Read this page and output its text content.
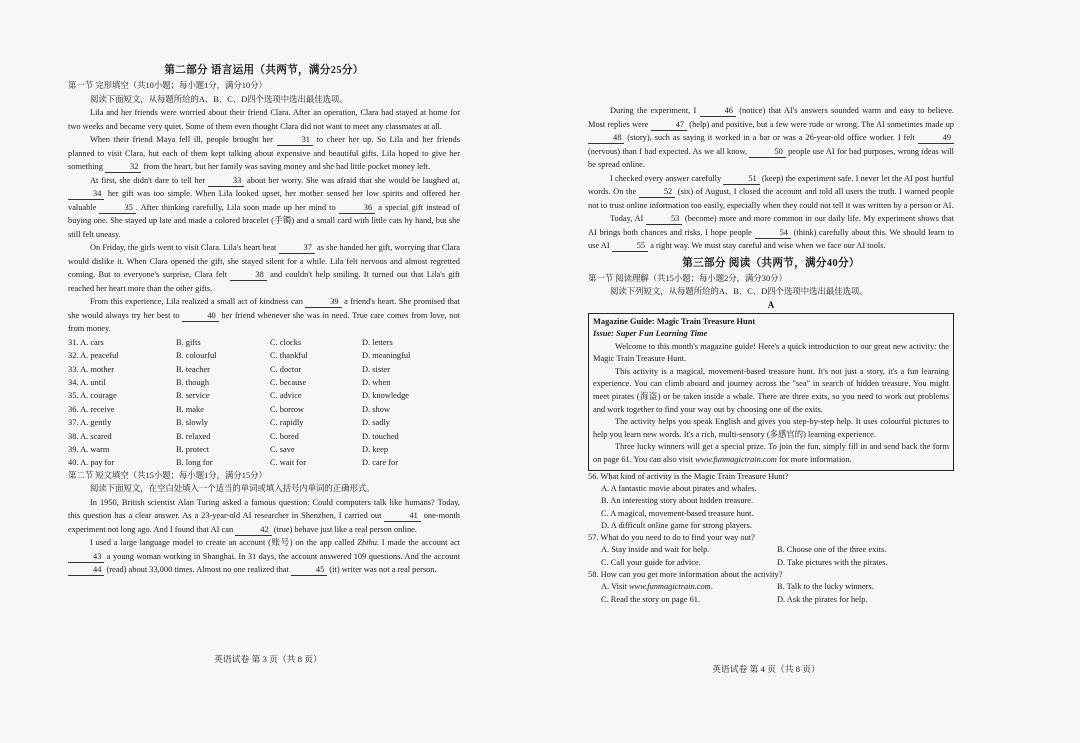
第二部分 语言运用（共两节，满分25分）
第一节 完形填空（共10小题；每小题1分，满分10分）

阅读下面短文，从每题所给的A、B、C、D四个选项中选出最佳选项。

Lila and her friends were worried about their friend Clara. After an operation, Clara had stayed at home for two weeks and became very quiet. Some of them even thought Clara did not want to meet any classmates at all.

When their friend Maya fell ill, people brought her	31 to cheer her up. So Lila and her friends planned to visit Clara, but each of them kept talking about expensive and beautiful gifts. Lila hoped to give her something	32 from the heart, but her family was saving money and she had little pocket money left.

At first, she didn't dare to tell her	33 about her worry. She was afraid that she would be laughed at, 34 her gift was too simple. When Lila looked upset, her mother sensed her low spirits and offered her valuable	35 . After thinking carefully, Lila soon made up her mind to	36 a special gift instead of buying one. She stayed up late and made a colored bracelet (手镯) and a small card with little cats by hand, but she still felt uneasy.

On Friday, the girls went to visit Clara. Lila's heart beat	37 as she handed her gift, worrying that Clara would dislike it. When Clara opened the gift, she stayed silent for a while. Lila felt nervous and almost regretted coming. But to everyone's surprise, Clara felt	38 and couldn't help smiling. It turned out that Lila's gift reached her heart more than the other gifts.

From this experience, Lila realized a small act of kindness can	39 a friend's heart. She promised that she would always try her best to	40 her friend whenever she was in need. True care comes from love, not from money.

31. A. cars	B. gifts	C. clocks	D. letters
32. A. peaceful	B. colourful	C. thankful	D. meaningful
33. A. mother	B. teacher	C. doctor	D. sister
34. A. until	B. though	C. because	D. when
35. A. courage	B. service	C. advice	D. knowledge
36. A. receive	B. make	C. borrow	D. show
37. A. gently	B. slowly	C. rapidly	D. sadly
38. A. scared	B. relaxed	C. bored	D. touched
39. A. warm	B. protect	C. save	D. keep
40. A. pay for	B. long for	C. wait for	D. care for
第二节 短文填空（共15小题；每小题1分，满分15分）

阅读下面短文，在空白处填入一个适当的单词或填入括号内单词的正确形式。

In 1950, British scientist Alan Turing asked a famous question: Could computers talk like humans? Today, this question has a clear answer. As a 23-year-old AI researcher in Shenzhen, I carried out	41 one-month experiment not long ago. And I found that AI can	42 (true) behave just like a real person online.

I used a large language model to create an account (账号) on the app called Zhihu. I made the account act 43 a young woman working in Shanghai. In 31 days, the account answered 109 questions. And the account 44 (read) about 33,000 times. Almost no one realized that	45 (it) writer was not a real person.

英语试卷 第 3 页（共 8 页）

During the experiment, I	46 (notice) that AI's answers sounded warm and easy to believe. Most replies were	47 (help) and positive, but a few were rude or wrong. The AI sometimes made up 48 (story), such as saying it worked in a bar or was a 26-year-old office worker. I felt	49 (nervous) than I had expected. As we all know,	50 people use AI for bad purposes, wrong ideas will be spread online.

I checked every answer carefully	51 (keep) the experiment safe. I never let the AI post hurtful words. On the	52 (six) of August, I closed the account and told all users the truth. I warned people not to trust online information too easily, especially when they could not tell it was written by a person or AI.

Today, AI	53 (become) more and more common in our daily life. My experiment shows that AI brings both chances and risks. I hope people	54 (think) carefully about this. We should learn to use AI	55 a right way. We must stay careful and wise when we face our AI tools.

第三部分 阅读（共两节，满分40分）
第一节 阅读理解（共15小题；每小题2分，满分30分）

阅读下列短文，从每题所给的A、B、C、D四个选项中选出最佳选项。

A
Magazine Guide: Magic Train Treasure Hunt
Issue: Super Fun Learning Time

Welcome to this month's magazine guide! Here's a quick introduction to our great new activity: the Magic Train Treasure Hunt.

This activity is a magical, movement-based treasure hunt. It's not just a story, it's a fun learning experience. You can climb aboard and journey across the "sea" in search of hidden treasure. You might meet pirates (海盗) or be taken inside a whale. There are three exits, so you need to work out problems and work together to find your way out by choosing one of the exits.

The activity helps you speak English and gives you step-by-step help. It uses colourful pictures to help you learn new words. It's a rich, multi-sensory (多感官的) learning experience.

Three lucky winners will get a special prize. To join the fun, simply fill in and send back the form on page 61. You can also visit www.funmagictrain.com for more information.

56. What kind of activity is the Magic Train Treasure Hunt?
A. A fantastic movie about pirates and whales.
B. An interesting story about hidden treasure.
C. A magical, movement-based treasure hunt.
D. A difficult online game for strong players.
57. What do you need to do to find your way out?
A. Stay inside and wait for help.	B. Choose one of the three exits.
C. Call your guide for advice.	D. Take pictures with the pirates.
58. How can you get more information about the activity?
A. Visit www.funmagictrain.com.	B. Talk to the lucky winners.
C. Read the story on page 61.	D. Ask the pirates for help.
英语试卷 第 4 页（共 8 页）
